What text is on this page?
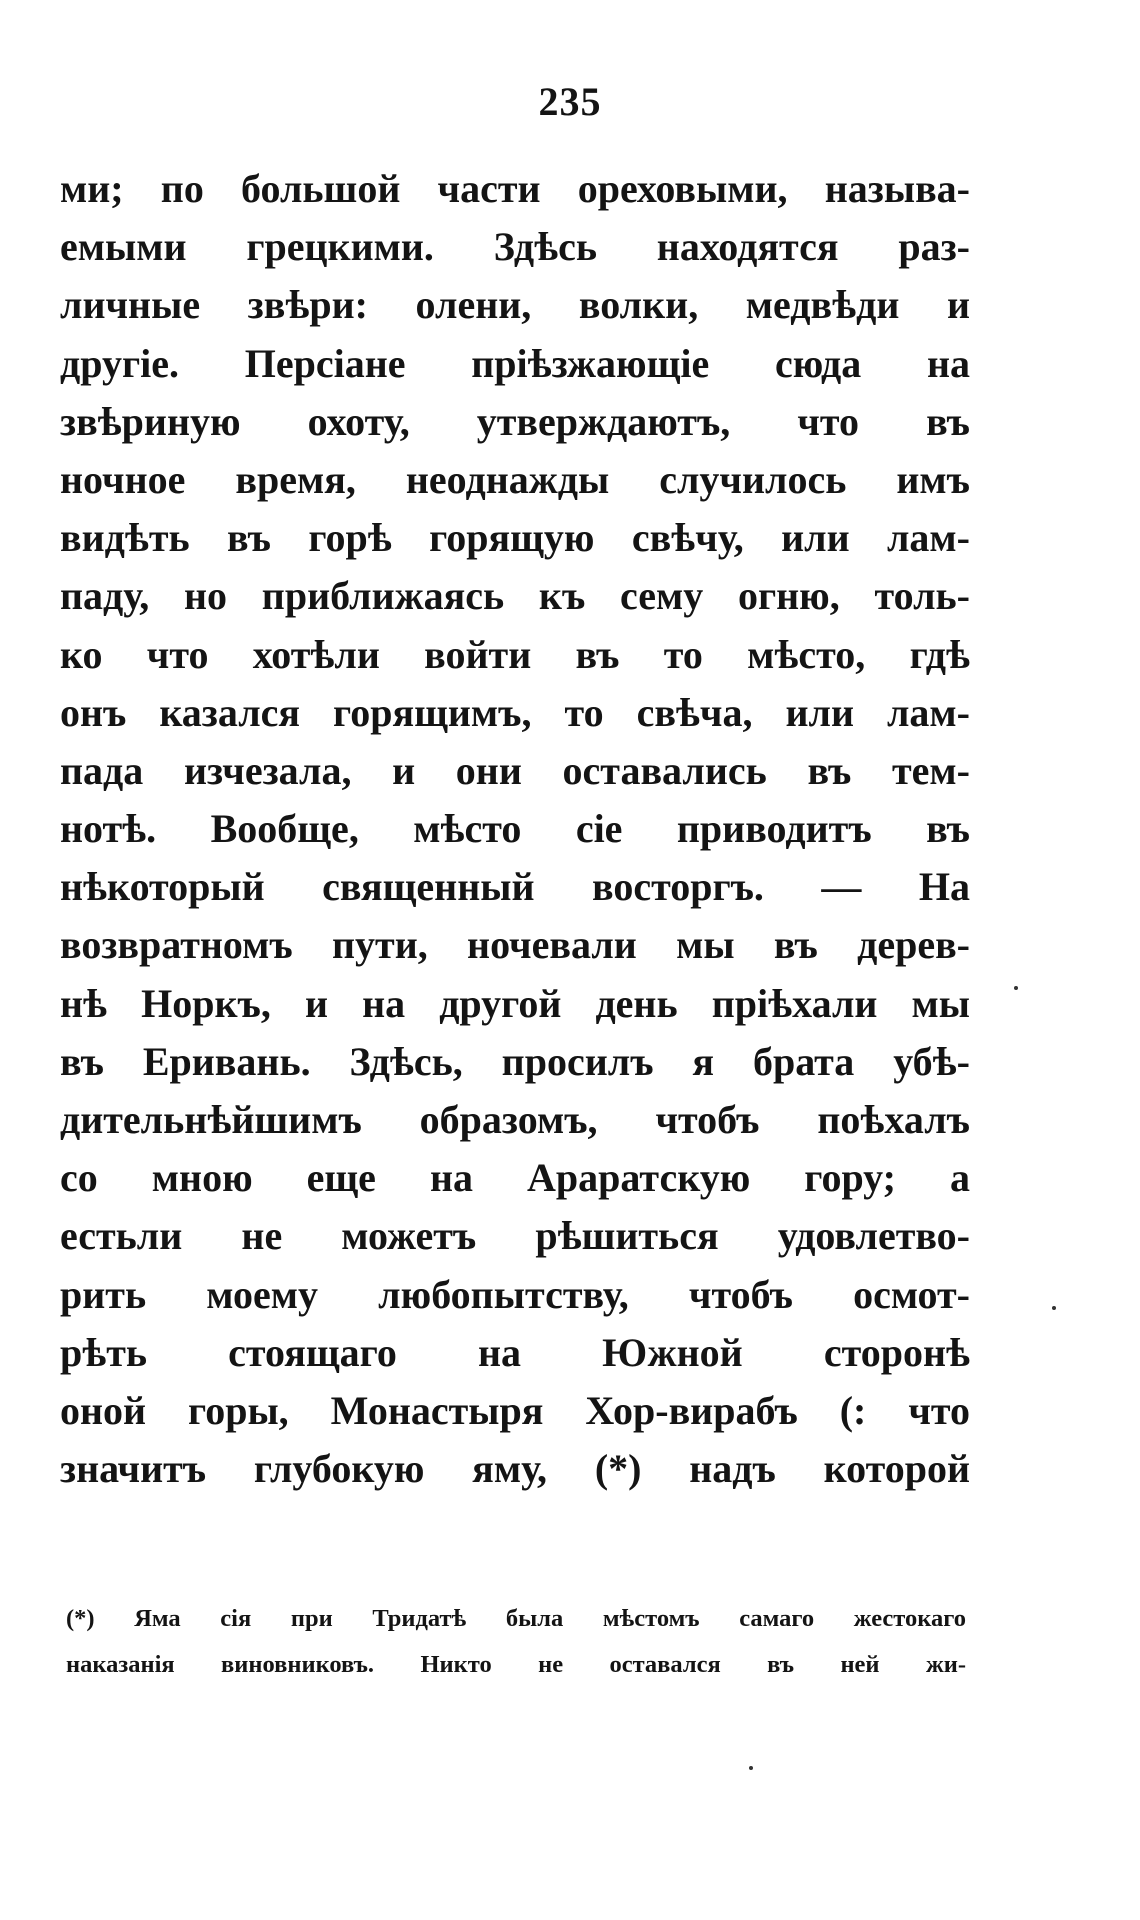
235
ми; по большой части ореховыми, называ-
емыми грецкими. Здѣсь находятся раз-
личные звѣри: олени, волки, медвѣди и
другіе. Персіане пріѣзжающіе сюда на
звѣриную охоту, утверждаютъ, что въ
ночное время, неоднажды случилось имъ
видѣть въ горѣ горящую свѣчу, или лам-
паду, но приближаясь къ сему огню, толь-
ко что хотѣли войти въ то мѣсто, гдѣ
онъ казался горящимъ, то свѣча, или лам-
пада изчезала, и они оставались въ тем-
нотѣ. Вообще, мѣсто сіе приводитъ въ
нѣкоторый священный восторгъ. — На
возвратномъ пути, ночевали мы въ дерев-
нѣ Норкъ, и на другой день пріѣхали мы
въ Еривань. Здѣсь, просилъ я брата убѣ-
дительнѣйшимъ образомъ, чтобъ поѣхалъ
со мною еще на Араратскую гору; а
естьли не можетъ рѣшиться удовлетво-
рить моему любопытству, чтобъ осмот-
рѣть стоящаго на Южной сторонѣ
оной горы, Монастыря Хор-вирабъ (: что
значитъ глубокую яму, (*) надъ которой
(*) Яма сія при Тридатѣ была мѣстомъ самаго жестокаго
наказанія виновниковъ. Никто не оставался въ ней жи-
